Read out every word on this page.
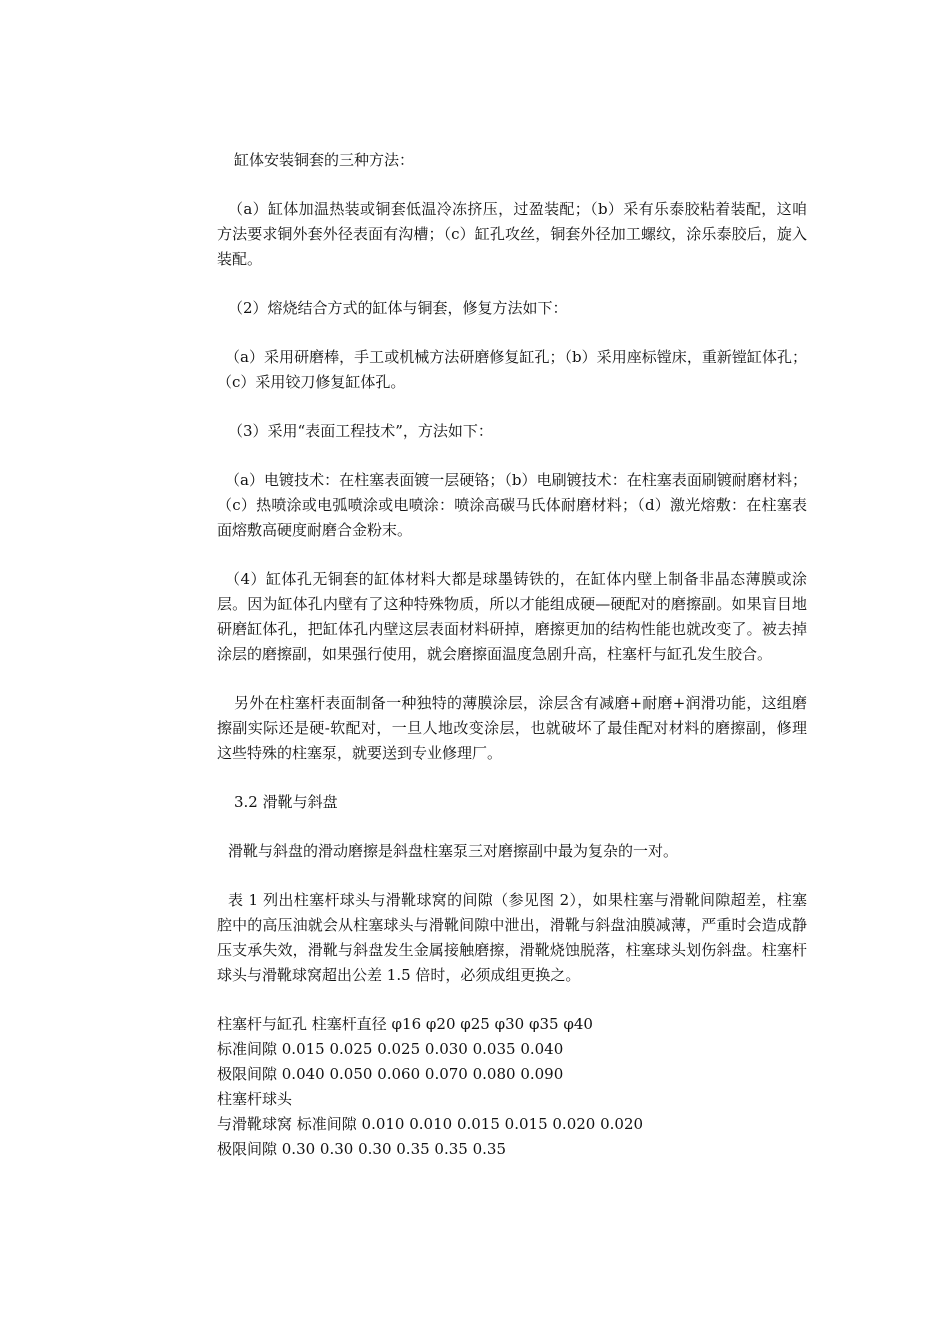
缸体安装铜套的三种方法：

（a）缸体加温热装或铜套低温冷冻挤压，过盈装配；（b）采有乐泰胶粘着装配，这咱方法要求铜外套外径表面有沟槽；（c）缸孔攻丝，铜套外径加工螺纹，涂乐泰胶后，旋入装配。

（2）熔烧结合方式的缸体与铜套，修复方法如下：

（a）采用研磨棒，手工或机械方法研磨修复缸孔；（b）采用座标镗床，重新镗缸体孔；（c）采用铰刀修复缸体孔。

（3）采用“表面工程技术”，方法如下：

（a）电镀技术：在柱塞表面镀一层硬铬；（b）电刷镀技术：在柱塞表面刷镀耐磨材料；（c）热喷涂或电弧喷涂或电喷涂：喷涂高碳马氏体耐磨材料；（d）激光熔敷：在柱塞表面熔敷高硬度耐磨合金粉末。

（4）缸体孔无铜套的缸体材料大都是球墨铸铁的，在缸体内壁上制备非晶态薄膜或涂层。因为缸体孔内壁有了这种特殊物质，所以才能组成硬—硬配对的磨擦副。如果盲目地研磨缸体孔，把缸体孔内壁这层表面材料研掉，磨擦更加的结构性能也就改变了。被去掉涂层的磨擦副，如果强行使用，就会磨擦面温度急剧升高，柱塞杆与缸孔发生胶合。

另外在柱塞杆表面制备一种独特的薄膜涂层，涂层含有减磨+耐磨+润滑功能，这组磨擦副实际还是硬-软配对，一旦人地改变涂层，也就破坏了最佳配对材料的磨擦副，修理这些特殊的柱塞泵，就要送到专业修理厂。

3.2 滑靴与斜盘

滑靴与斜盘的滑动磨擦是斜盘柱塞泵三对磨擦副中最为复杂的一对。

表 1 列出柱塞杆球头与滑靴球窝的间隙（参见图 2），如果柱塞与滑靴间隙超差，柱塞腔中的高压油就会从柱塞球头与滑靴间隙中泄出，滑靴与斜盘油膜减薄，严重时会造成静压支承失效，滑靴与斜盘发生金属接触磨擦，滑靴烧蚀脱落，柱塞球头划伤斜盘。柱塞杆球头与滑靴球窝超出公差 1.5 倍时，必须成组更换之。

柱塞杆与缸孔 柱塞杆直径 φ16 φ20 φ25 φ30 φ35 φ40
标准间隙 0.015 0.025 0.025 0.030 0.035 0.040
极限间隙 0.040 0.050 0.060 0.070 0.080 0.090
柱塞杆球头
与滑靴球窝 标准间隙 0.010 0.010 0.015 0.015 0.020 0.020
极限间隙 0.30 0.30 0.30 0.35 0.35 0.35
